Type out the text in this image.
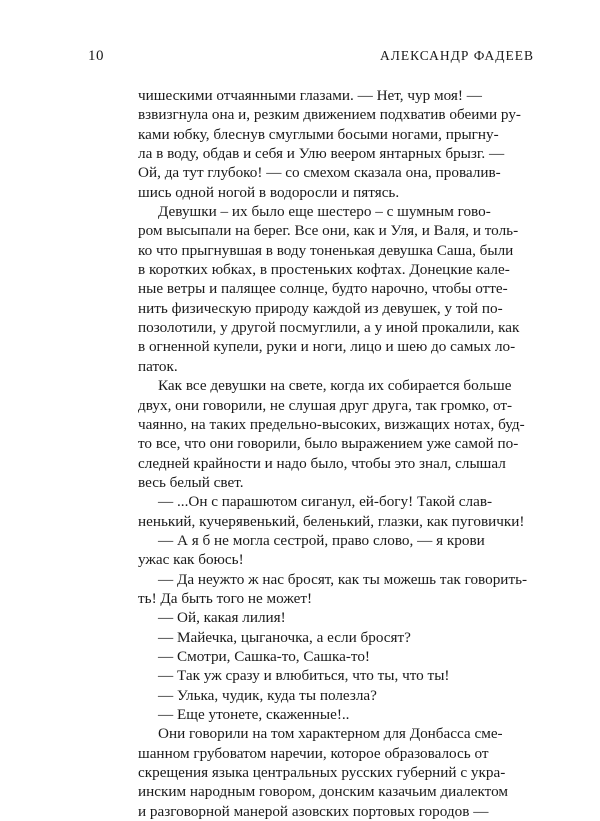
10	АЛЕКСАНДР ФАДЕЕВ
чишескими отчаянными глазами. — Нет, чур моя! —
взвизгнула она и, резким движением подхватив обеими ру-
ками юбку, блеснув смуглыми босыми ногами, прыгну-
ла в воду, обдав и себя и Улю веером янтарных брызг. —
Ой, да тут глубоко! — со смехом сказала она, провалив-
шись одной ногой в водоросли и пятясь.
Девушки – их было еще шестеро – с шумным гово-
ром высыпали на берег. Все они, как и Уля, и Валя, и толь-
ко что прыгнувшая в воду тоненькая девушка Саша, были
в коротких юбках, в простеньких кофтах. Донецкие кале-
ные ветры и палящее солнце, будто нарочно, чтобы оттe-
нить физическую природу каждой из девушек, у той по-
позолотили, у другой посмуглили, а у иной прокалили, как
в огненной купели, руки и ноги, лицо и шею до самых ло-
паток.
Как все девушки на свете, когда их собирается больше
двух, они говорили, не слушая друг друга, так громко, от-
чаянно, на таких предельно-высоких, визжащих нотах, буд-
то все, что они говорили, было выражением уже самой по-
следней крайности и надо было, чтобы это знал, слышал
весь белый свет.
— ...Он с парашютом сиганул, ей-богу! Такой слав-
ненький, кучерявенький, беленький, глазки, как пуговички!
— А я б не могла сестрой, право слово, — я крови
ужас как боюсь!
— Да неужто ж нас бросят, как ты можешь так говорить-
ть! Да быть того не может!
— Ой, какая лилия!
— Майечка, цыганочка, а если бросят?
— Смотри, Сашка-то, Сашка-то!
— Так уж сразу и влюбиться, что ты, что ты!
— Улька, чудик, куда ты полезла?
— Еще утонете, скаженные!..
Они говорили на том характерном для Донбасса сме-
шанном грубоватом наречии, которое образовалось от
скрещения языка центральных русских губерний с укра-
инским народным говором, донским казачьим диалектом
и разговорной манерой азовских портовых городов —
